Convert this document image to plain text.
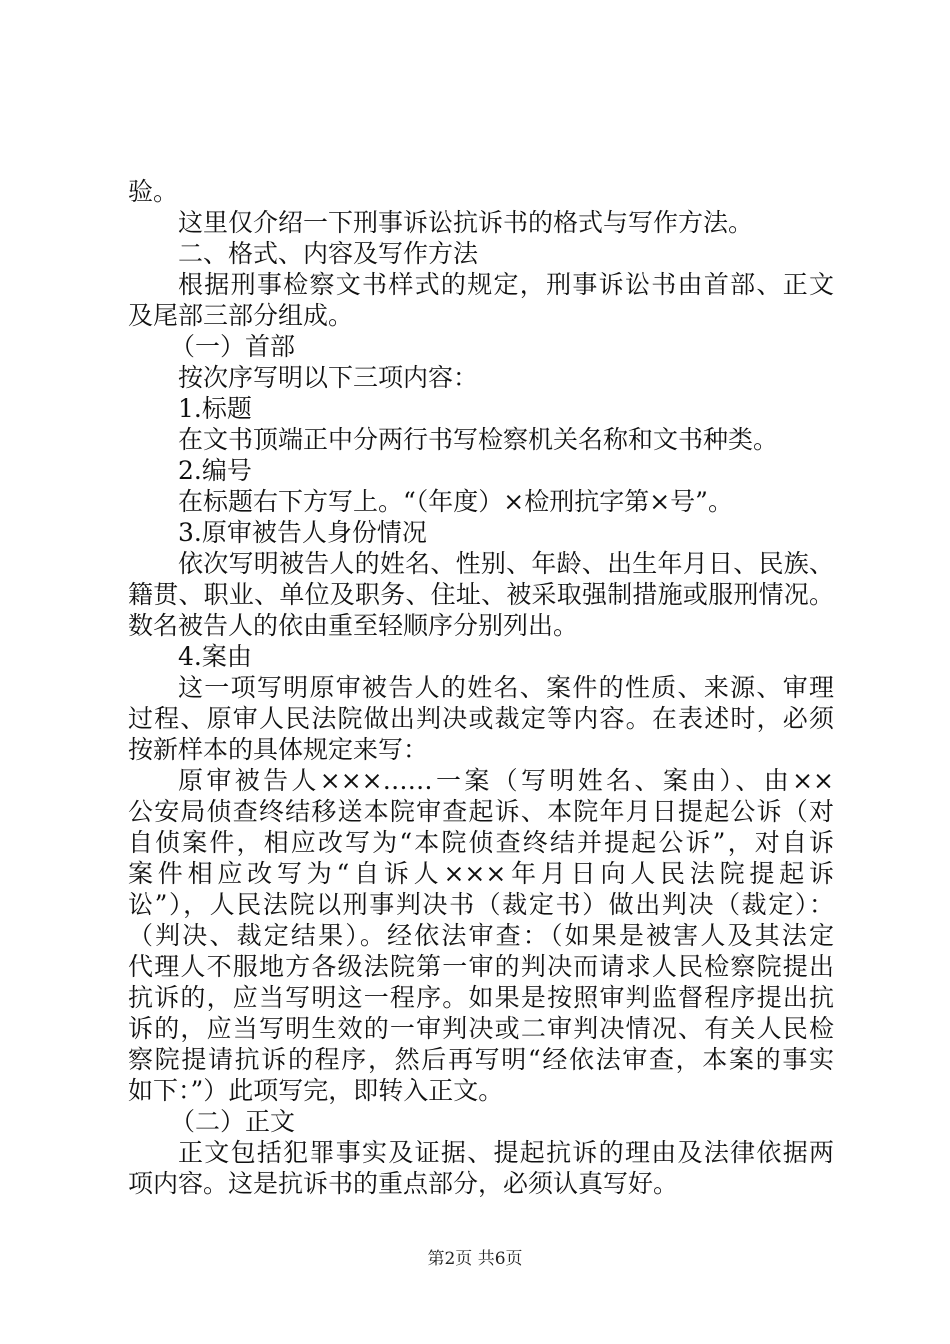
验。
这里仅介绍一下刑事诉讼抗诉书的格式与写作方法。
二、格式、内容及写作方法
根据刑事检察文书样式的规定，刑事诉讼书由首部、正文
及尾部三部分组成。
（一）首部
按次序写明以下三项内容：
1.标题
在文书顶端正中分两行书写检察机关名称和文书种类。
2.编号
在标题右下方写上。“（年度）×检刑抗字第×号”。
3.原审被告人身份情况
依次写明被告人的姓名、性别、年龄、出生年月日、民族、
籍贯、职业、单位及职务、住址、被采取强制措施或服刑情况。
数名被告人的依由重至轻顺序分别列出。
4.案由
这一项写明原审被告人的姓名、案件的性质、来源、审理
过程、原审人民法院做出判决或裁定等内容。在表述时，必须
按新样本的具体规定来写：
原审被告人×××……一案（写明姓名、案由）、由××
公安局侦查终结移送本院审查起诉、本院年月日提起公诉（对
自侦案件，相应改写为“本院侦查终结并提起公诉”，对自诉
案件相应改写为“自诉人×××年月日向人民法院提起诉
讼”），人民法院以刑事判决书（裁定书）做出判决（裁定）：
（判决、裁定结果）。经依法审查：（如果是被害人及其法定
代理人不服地方各级法院第一审的判决而请求人民检察院提出
抗诉的，应当写明这一程序。如果是按照审判监督程序提出抗
诉的，应当写明生效的一审判决或二审判决情况、有关人民检
察院提请抗诉的程序，然后再写明“经依法审查，本案的事实
如下：”）此项写完，即转入正文。
（二）正文
正文包括犯罪事实及证据、提起抗诉的理由及法律依据两
项内容。这是抗诉书的重点部分，必须认真写好。
第2页 共6页
